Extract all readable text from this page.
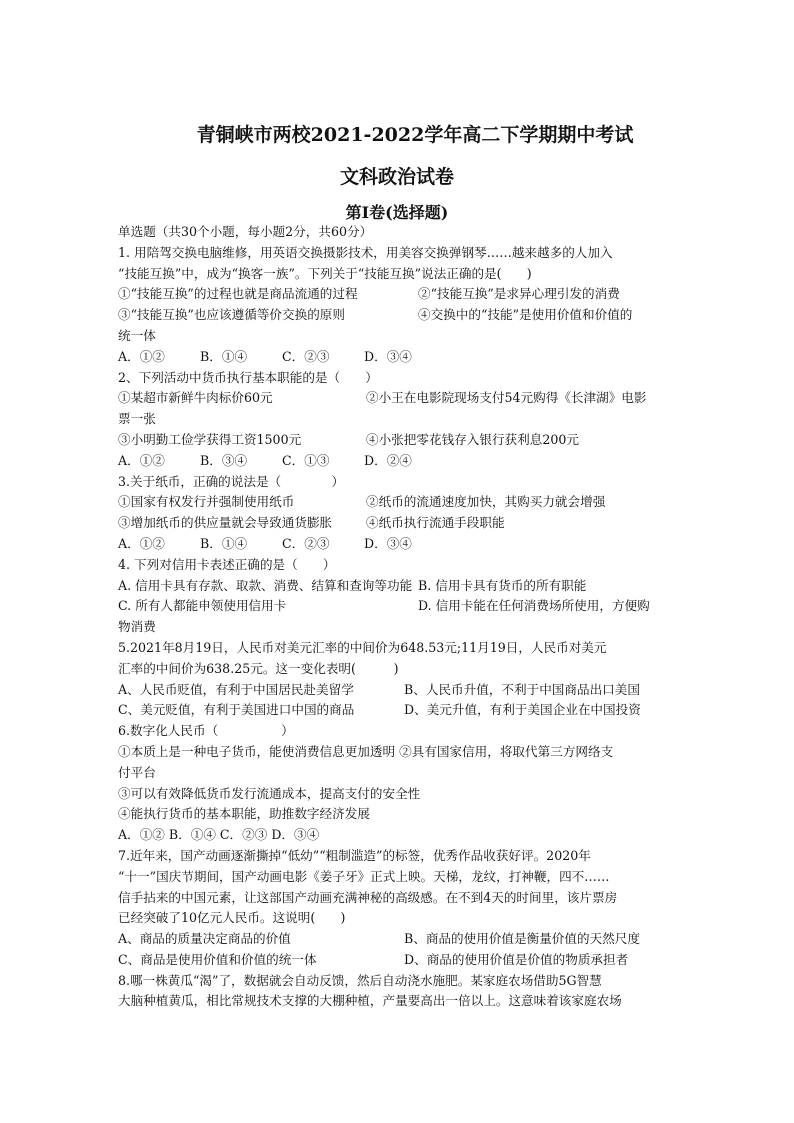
青铜峡市两校2021-2022学年高二下学期期中考试
文科政治试卷
第Ⅰ卷(选择题)
单选题（共30个小题，每小题2分，共60分）
1. 用陪驾交换电脑维修，用英语交换摄影技术，用美容交换弹钢琴……越来越多的人加入
“技能互换”中，成为“换客一族”。下列关于“技能互换”说法正确的是(　　)
①“技能互换”的过程也就是商品流通的过程	②“技能互换”是求异心理引发的消费
③“技能互换”也应该遵循等价交换的原则	④交换中的“技能”是使用价值和价值的
统一体
A．①②	B．①④	C．②③	D．③④
2、下列活动中货币执行基本职能的是（　　）
①某超市新鲜牛肉标价60元	②小王在电影院现场支付54元购得《长津湖》电影
票一张
③小明勤工俭学获得工资1500元	④小张把零花钱存入银行获利息200元
A．①②	B．③④	C．①③	D．②④
3.关于纸币，正确的说法是（　　　　）
①国家有权发行并强制使用纸币	②纸币的流通速度加快，其购买力就会增强
③增加纸币的供应量就会导致通货膨胀	④纸币执行流通手段职能
A．①②	B．①④	C．②③	D．③④
4. 下列对信用卡表述正确的是（　　）
A. 信用卡具有存款、取款、消费、结算和查询等功能 B. 信用卡具有货币的所有职能
C. 所有人都能申领使用信用卡	D. 信用卡能在任何消费场所使用，方便购
物消费
5.2021年8月19日，人民币对美元汇率的中间价为648.53元;11月19日，人民币对美元
汇率的中间价为638.25元。这一变化表明(　　　)
A、人民币贬值，有利于中国居民赴美留学	B、人民币升值，不利于中国商品出口美国
C、美元贬值，有利于美国进口中国的商品	D、美元升值，有利于美国企业在中国投资
6.数字化人民币（　　　　　）
①本质上是一种电子货币，能使消费信息更加透明 ②具有国家信用，将取代第三方网络支
付平台
③可以有效降低货币发行流通成本，提高支付的安全性
④能执行货币的基本职能，助推数字经济发展
A．①② B．①④ C．②③ D．③④
7.近年来，国产动画逐渐撕掉“低幼”“粗制滥造”的标签，优秀作品收获好评。2020年
“十一”国庆节期间，国产动画电影《姜子牙》正式上映。天梯，龙纹，打神鞭，四不……
信手拈来的中国元素，让这部国产动画充满神秘的高级感。在不到4天的时间里，该片票房
已经突破了10亿元人民币。这说明(　　)
A、商品的质量决定商品的价值	B、商品的使用价值是衡量价值的天然尺度
C、商品是使用价值和价值的统一体	D、商品的使用价值是价值的物质承担者
8.哪一株黄瓜“渴”了，数据就会自动反馈，然后自动浇水施肥。某家庭农场借助5G智慧
大脑种植黄瓜，相比常规技术支撑的大棚种植，产量要高出一倍以上。这意味着该家庭农场
